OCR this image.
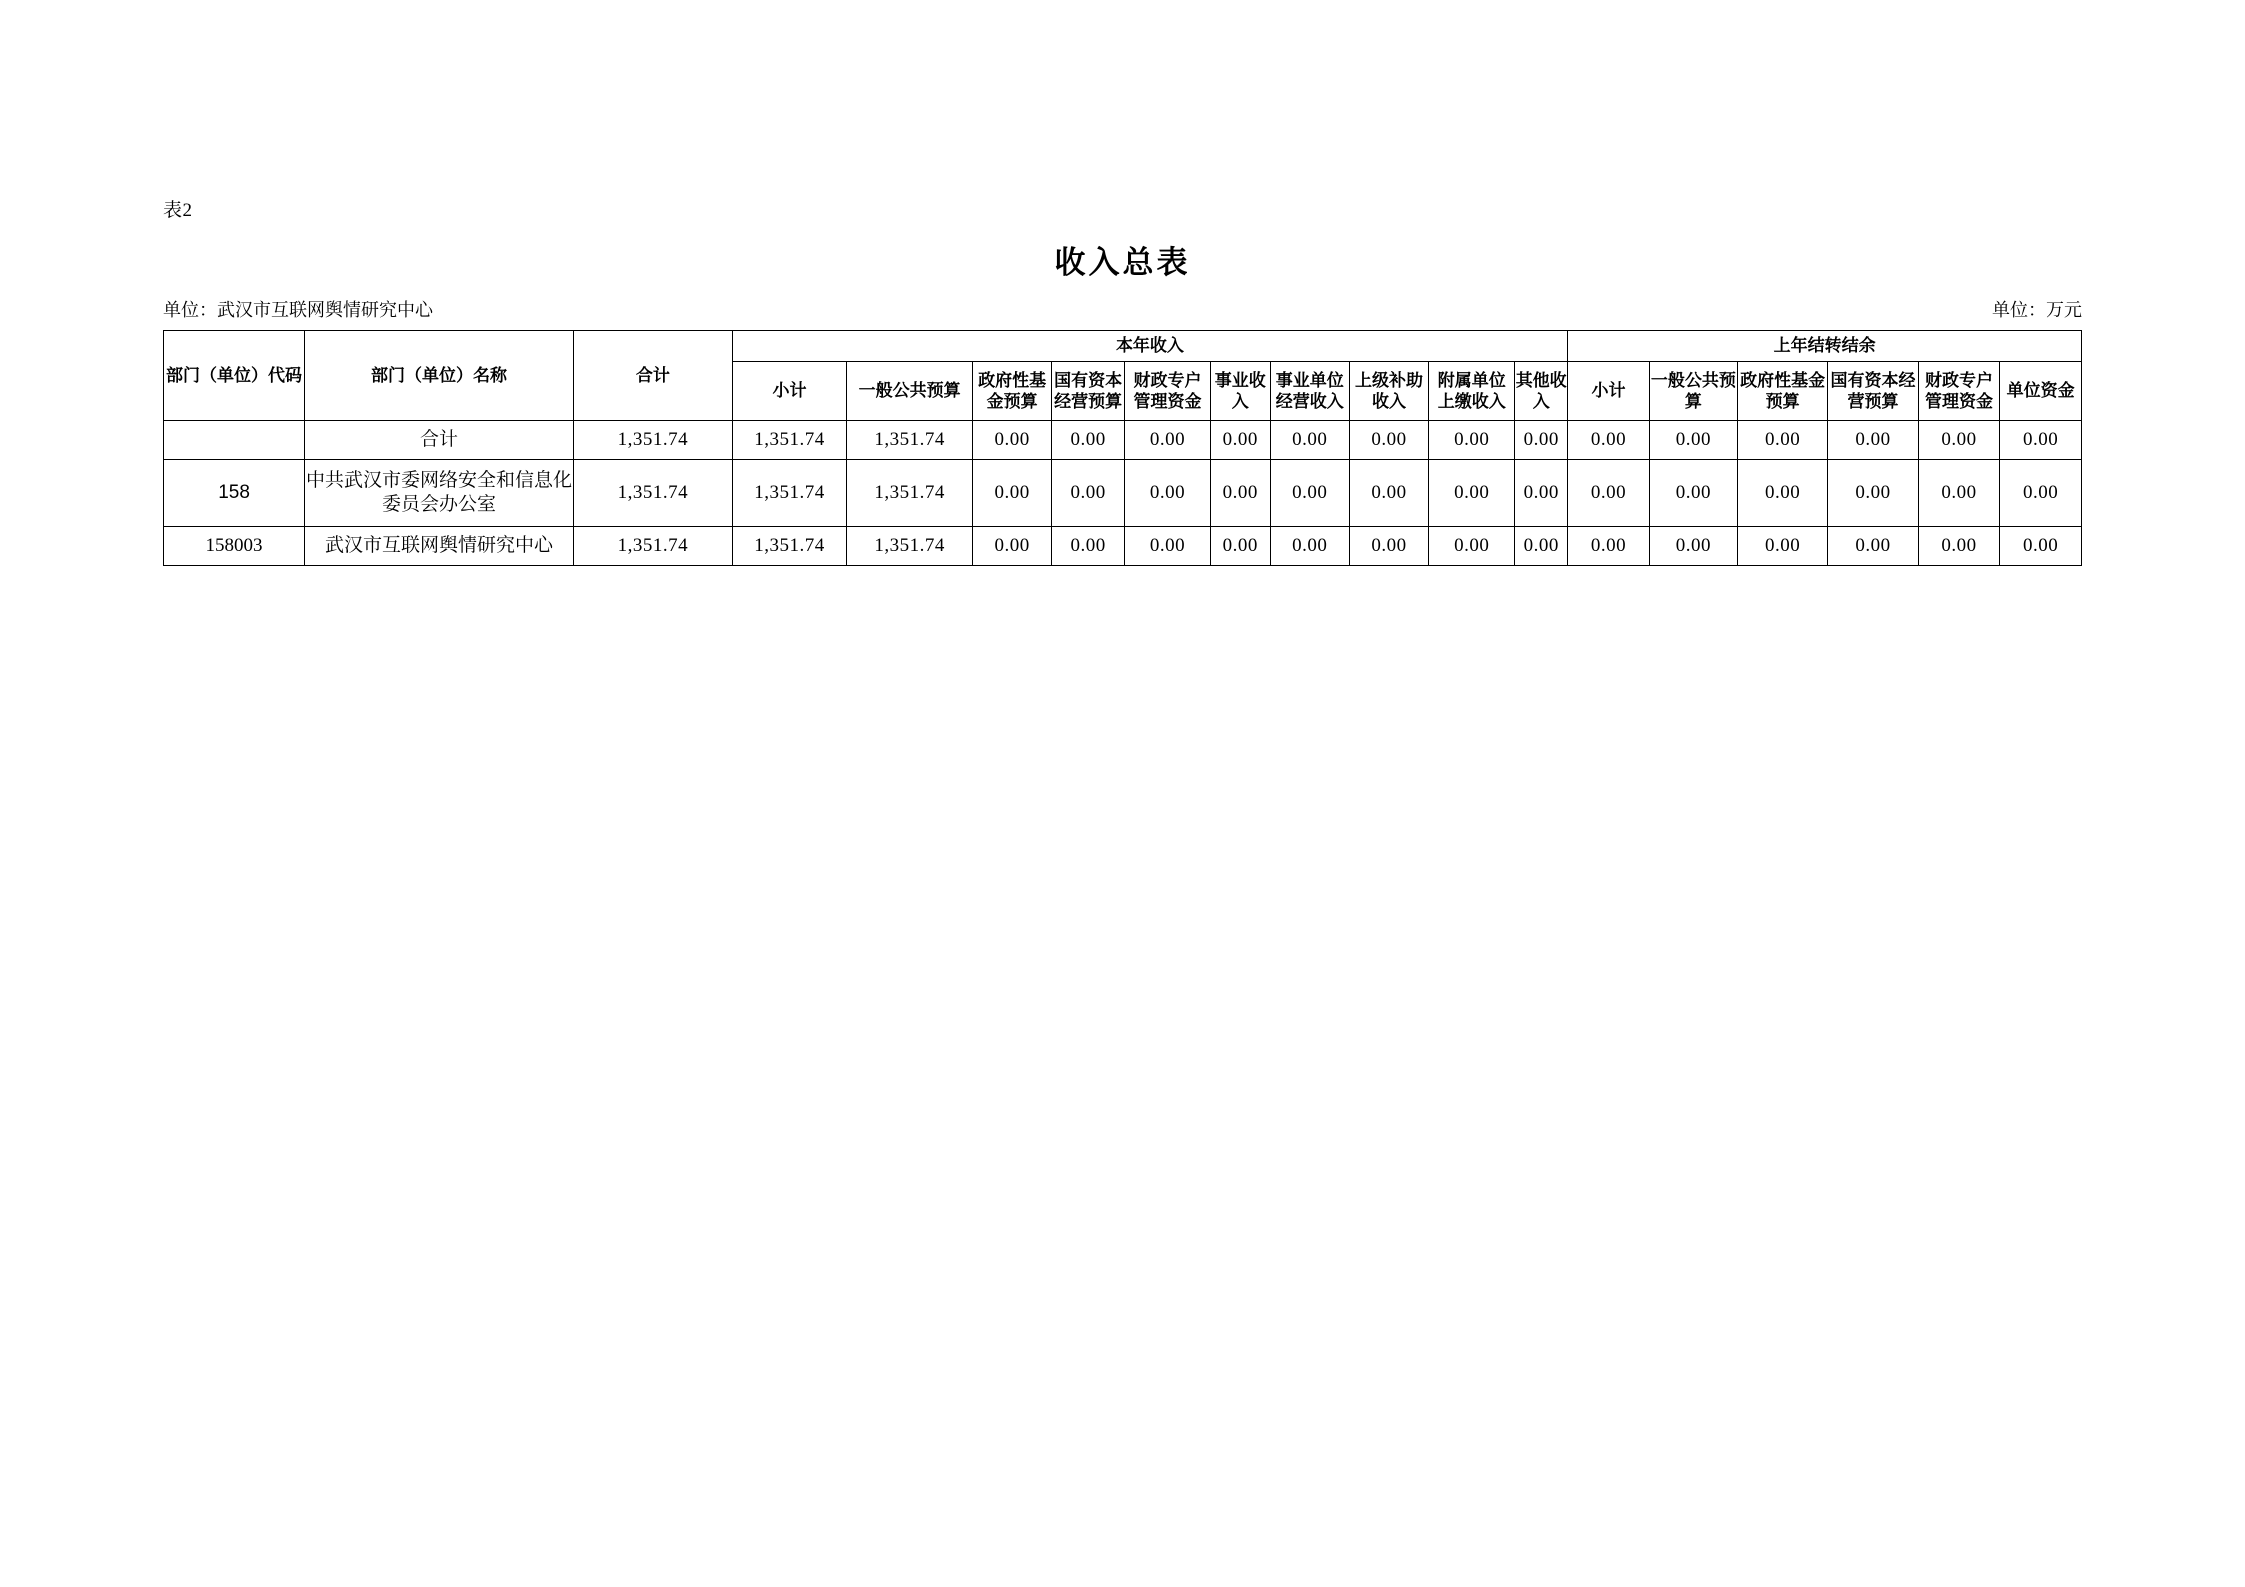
表2
收入总表
单位：武汉市互联网舆情研究中心	单位：万元
部门（单位）代码	部门（单位）名称	合计	本年收入										上年结转结余					
			小计	一般公共预算	政府性基金预算	国有资本经营预算	财政专户管理资金	事业收入	事业单位经营收入	上级补助收入	附属单位上缴收入	其他收入	小计	一般公共预算	政府性基金预算	国有资本经营预算	财政专户管理资金	单位资金
	合计	1,351.74	1,351.74	1,351.74	0.00	0.00	0.00	0.00	0.00	0.00	0.00	0.00	0.00	0.00	0.00	0.00	0.00	0.00
158	中共武汉市委网络安全和信息化委员会办公室	1,351.74	1,351.74	1,351.74	0.00	0.00	0.00	0.00	0.00	0.00	0.00	0.00	0.00	0.00	0.00	0.00	0.00	0.00
158003	武汉市互联网舆情研究中心	1,351.74	1,351.74	1,351.74	0.00	0.00	0.00	0.00	0.00	0.00	0.00	0.00	0.00	0.00	0.00	0.00	0.00	0.00
